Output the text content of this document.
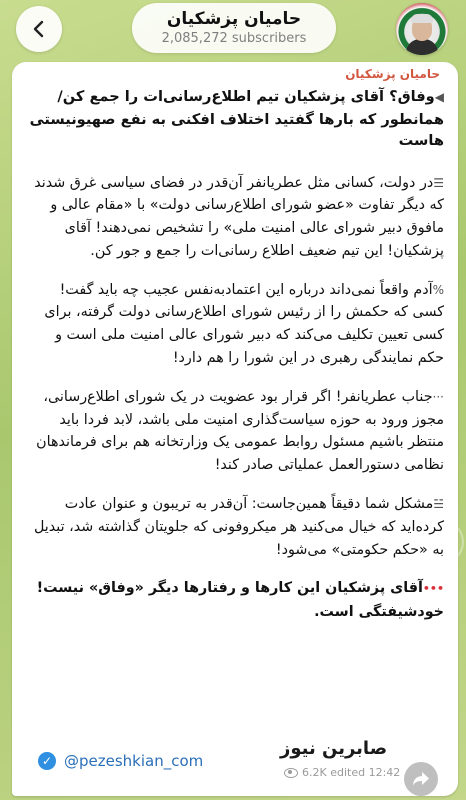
حامیان پزشکیان
2,085,272 subscribers
حامیان پزشکیان

◀وفاق؟ آقای پزشکیان تیم اطلاع‌رسانی‌ات را جمع کن/ همانطور که بارها گفتید اختلاف افکنی به نفع صهیونیستی هاست

☰در دولت، کسانی مثل عطریانفر آن‌قدر در فضای سیاسی غرق شدند که دیگر تفاوت «عضو شورای اطلاع‌رسانی دولت» با «مقام عالی و مافوق دبیر شورای عالی امنیت ملی» را تشخیص نمی‌دهند! آقای پزشکیان! این تیم ضعیف اطلاع رسانی‌ات را جمع و جور کن.

%آدم واقعاً نمی‌داند درباره این اعتمادبه‌نفس عجیب چه باید گفت! کسی که حکمش را از رئیس شورای اطلاع‌رسانی دولت گرفته، برای کسی تعیین تکلیف می‌کند که دبیر شورای عالی امنیت ملی است و حکم نمایندگی رهبری در این شورا را هم دارد!

···جناب عطریانفر! اگر قرار بود عضویت در یک شورای اطلاع‌رسانی، مجوز ورود به حوزه سیاست‌گذاری امنیت ملی باشد، لابد فردا باید منتظر باشیم مسئول روابط عمومی یک وزارتخانه هم برای فرماندهان نظامی دستورالعمل عملیاتی صادر کند!

☱مشکل شما دقیقاً همین‌جاست: آن‌قدر به تریبون و عنوان عادت کرده‌اید که خیال می‌کنید هر میکروفونی که جلویتان گذاشته شد، تبدیل به «حکم حکومتی» می‌شود!

•••آقای پزشکیان این کارها و رفتارها دیگر «وفاق» نیست! خودشیفتگی است.

✓ @pezeshkian_com
صابرین نیوز
6.2K
edited 12:42
